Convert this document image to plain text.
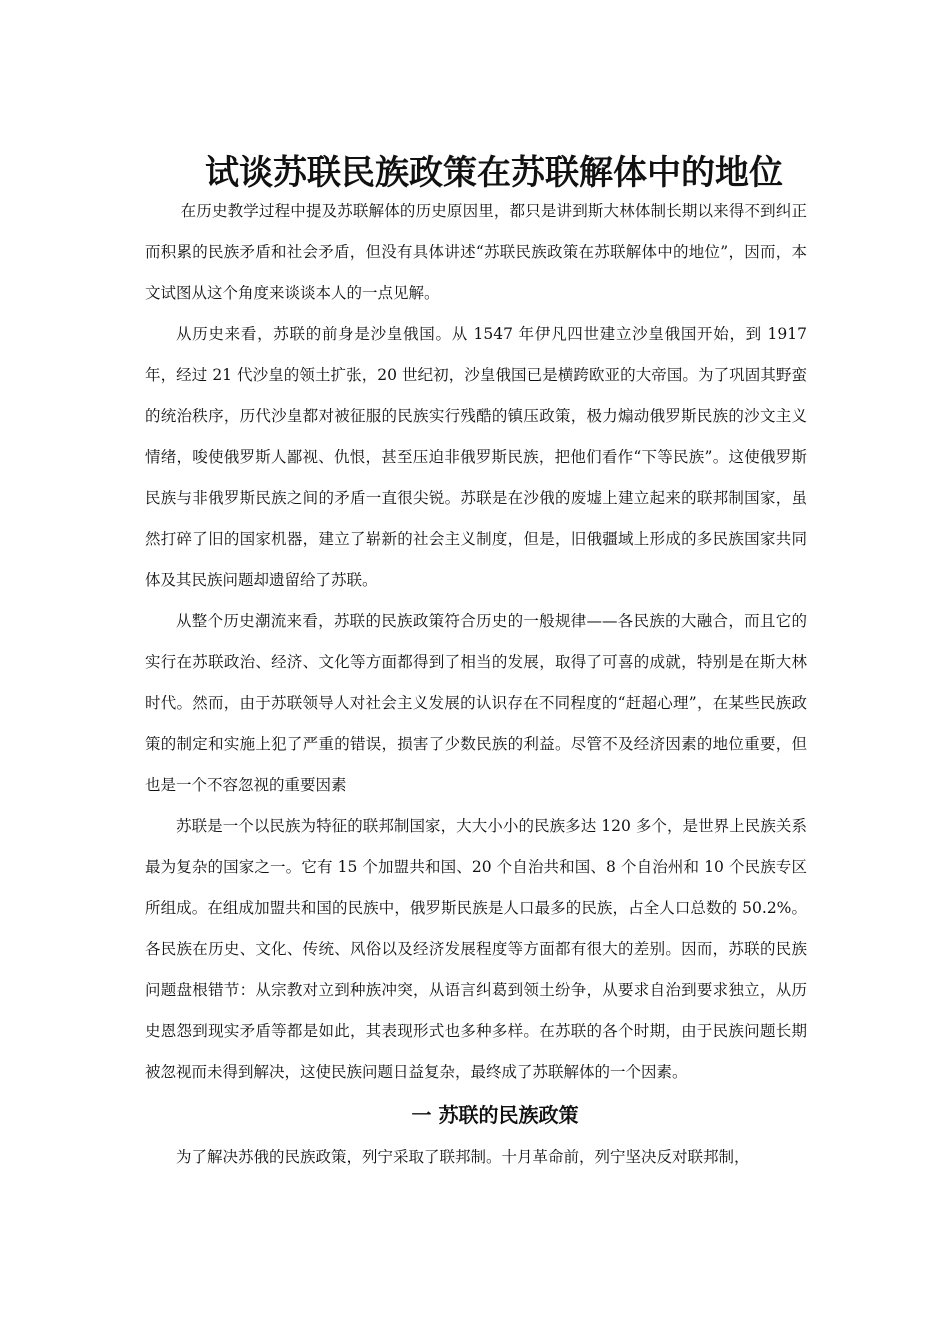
试谈苏联民族政策在苏联解体中的地位

在历史教学过程中提及苏联解体的历史原因里，都只是讲到斯大林体制长期以来得不到纠正而积累的民族矛盾和社会矛盾，但没有具体讲述“苏联民族政策在苏联解体中的地位”，因而，本文试图从这个角度来谈谈本人的一点见解。

从历史来看，苏联的前身是沙皇俄国。从 1547 年伊凡四世建立沙皇俄国开始，到 1917 年，经过 21 代沙皇的领土扩张，20 世纪初，沙皇俄国已是横跨欧亚的大帝国。为了巩固其野蛮的统治秩序，历代沙皇都对被征服的民族实行残酷的镇压政策，极力煽动俄罗斯民族的沙文主义情绪，唆使俄罗斯人鄙视、仇恨，甚至压迫非俄罗斯民族，把他们看作“下等民族”。这使俄罗斯民族与非俄罗斯民族之间的矛盾一直很尖锐。苏联是在沙俄的废墟上建立起来的联邦制国家，虽然打碎了旧的国家机器，建立了崭新的社会主义制度，但是，旧俄疆域上形成的多民族国家共同体及其民族问题却遗留给了苏联。

从整个历史潮流来看，苏联的民族政策符合历史的一般规律——各民族的大融合，而且它的实行在苏联政治、经济、文化等方面都得到了相当的发展，取得了可喜的成就，特别是在斯大林时代。然而，由于苏联领导人对社会主义发展的认识存在不同程度的“赶超心理”，在某些民族政策的制定和实施上犯了严重的错误，损害了少数民族的利益。尽管不及经济因素的地位重要，但也是一个不容忽视的重要因素

苏联是一个以民族为特征的联邦制国家，大大小小的民族多达 120 多个，是世界上民族关系最为复杂的国家之一。它有 15 个加盟共和国、20 个自治共和国、8 个自治州和 10 个民族专区所组成。在组成加盟共和国的民族中，俄罗斯民族是人口最多的民族，占全人口总数的 50.2%。各民族在历史、文化、传统、风俗以及经济发展程度等方面都有很大的差别。因而，苏联的民族问题盘根错节：从宗教对立到种族冲突，从语言纠葛到领土纷争，从要求自治到要求独立，从历史恩怨到现实矛盾等都是如此，其表现形式也多种多样。在苏联的各个时期，由于民族问题长期被忽视而未得到解决，这使民族问题日益复杂，最终成了苏联解体的一个因素。

一 苏联的民族政策

为了解决苏俄的民族政策，列宁采取了联邦制。十月革命前，列宁坚决反对联邦制，
